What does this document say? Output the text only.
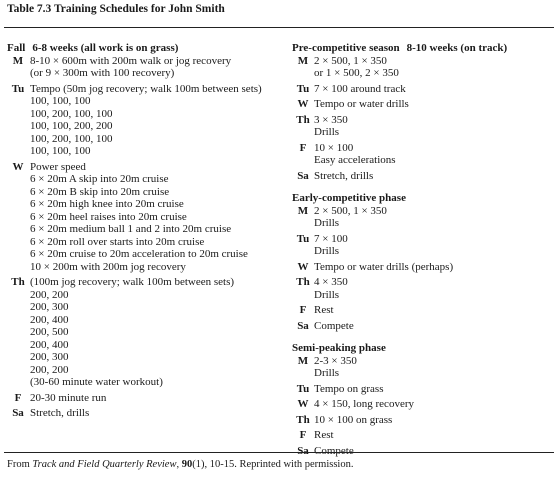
Table 7.3 Training Schedules for John Smith
Fall 6-8 weeks (all work is on grass)
M 8-10 × 600m with 200m walk or jog recovery
(or 9 × 300m with 100 recovery)
Tu Tempo (50m jog recovery; walk 100m between sets)
100, 100, 100
100, 200, 100, 100
100, 100, 200, 200
100, 200, 100, 100
100, 100, 100
W Power speed
6 × 20m A skip into 20m cruise
6 × 20m B skip into 20m cruise
6 × 20m high knee into 20m cruise
6 × 20m heel raises into 20m cruise
6 × 20m medium ball 1 and 2 into 20m cruise
6 × 20m roll over starts into 20m cruise
6 × 20m cruise to 20m acceleration to 20m cruise
10 × 200m with 200m jog recovery
Th (100m jog recovery; walk 100m between sets)
200, 200
200, 300
200, 400
200, 500
200, 400
200, 300
200, 200
(30-60 minute water workout)
F 20-30 minute run
Sa Stretch, drills
Pre-competitive season 8-10 weeks (on track)
M 2 × 500, 1 × 350
or 1 × 500, 2 × 350
Tu 7 × 100 around track
W Tempo or water drills
Th 3 × 350
Drills
F 10 × 100
Easy accelerations
Sa Stretch, drills
Early-competitive phase
M 2 × 500, 1 × 350
Drills
Tu 7 × 100
Drills
W Tempo or water drills (perhaps)
Th 4 × 350
Drills
F Rest
Sa Compete
Semi-peaking phase
M 2-3 × 350
Drills
Tu Tempo on grass
W 4 × 150, long recovery
Th 10 × 100 on grass
F Rest
Sa Compete
From Track and Field Quarterly Review, 90(1), 10-15. Reprinted with permission.
